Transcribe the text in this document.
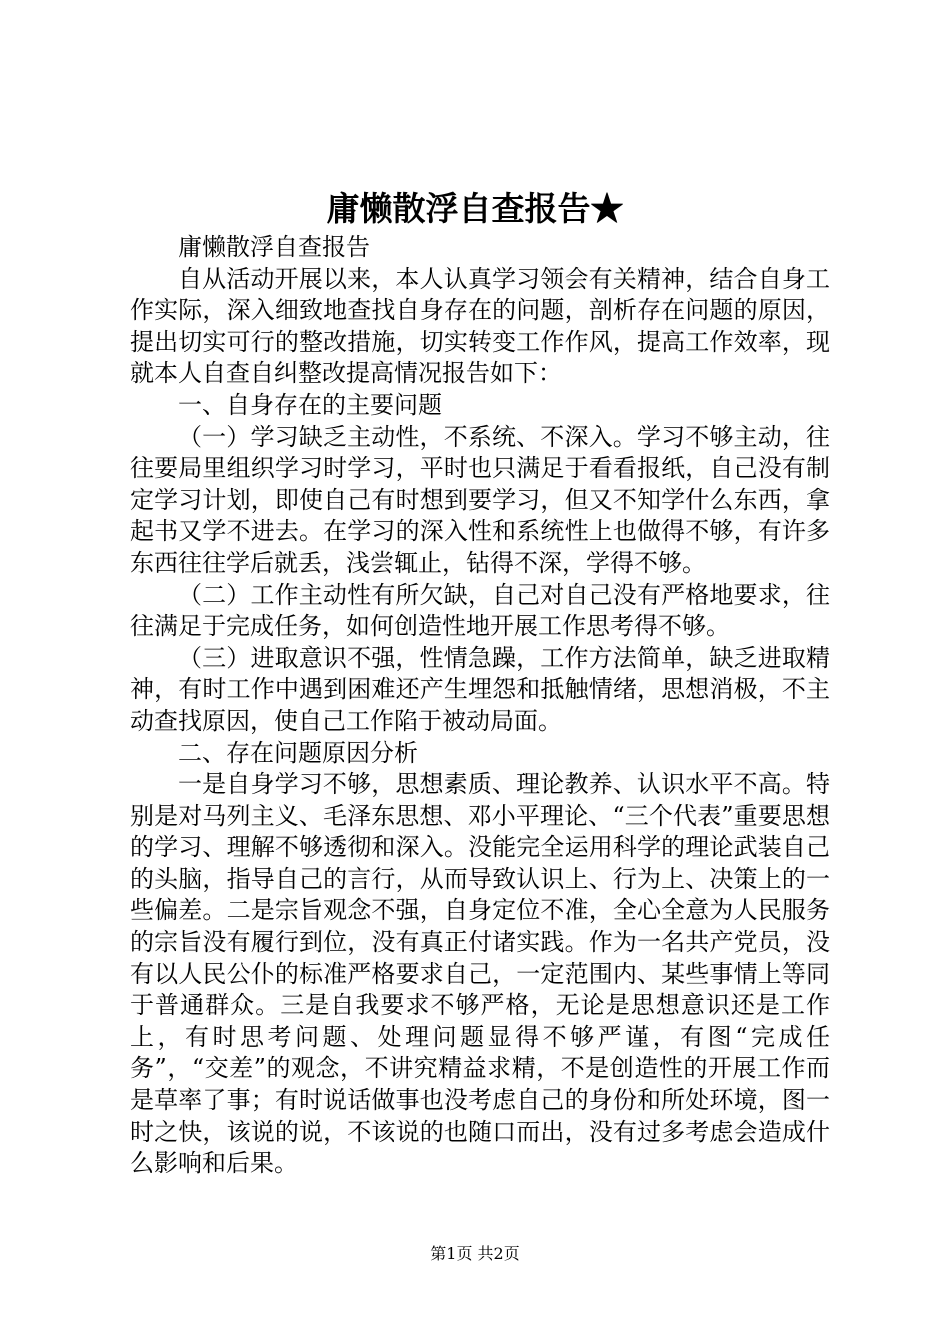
庸懒散浮自查报告★

庸懒散浮自查报告

自从活动开展以来，本人认真学习领会有关精神，结合自身工作实际，深入细致地查找自身存在的问题，剖析存在问题的原因，提出切实可行的整改措施，切实转变工作作风，提高工作效率，现就本人自查自纠整改提高情况报告如下：

一、自身存在的主要问题

（一）学习缺乏主动性，不系统、不深入。学习不够主动，往往要局里组织学习时学习，平时也只满足于看看报纸，自己没有制定学习计划，即使自己有时想到要学习，但又不知学什么东西，拿起书又学不进去。在学习的深入性和系统性上也做得不够，有许多东西往往学后就丢，浅尝辄止，钻得不深，学得不够。

（二）工作主动性有所欠缺，自己对自己没有严格地要求，往往满足于完成任务，如何创造性地开展工作思考得不够。

（三）进取意识不强，性情急躁，工作方法简单，缺乏进取精神，有时工作中遇到困难还产生埋怨和抵触情绪，思想消极，不主动查找原因，使自己工作陷于被动局面。

二、存在问题原因分析

一是自身学习不够，思想素质、理论教养、认识水平不高。特别是对马列主义、毛泽东思想、邓小平理论、“三个代表”重要思想的学习、理解不够透彻和深入。没能完全运用科学的理论武装自己的头脑，指导自己的言行，从而导致认识上、行为上、决策上的一些偏差。二是宗旨观念不强，自身定位不准，全心全意为人民服务的宗旨没有履行到位，没有真正付诸实践。作为一名共产党员，没有以人民公仆的标准严格要求自己，一定范围内、某些事情上等同于普通群众。三是自我要求不够严格，无论是思想意识还是工作上，有时思考问题、处理问题显得不够严谨，有图“完成任务”，“交差”的观念，不讲究精益求精，不是创造性的开展工作而是草率了事；有时说话做事也没考虑自己的身份和所处环境，图一时之快，该说的说，不该说的也随口而出，没有过多考虑会造成什么影响和后果。

第1页 共2页
